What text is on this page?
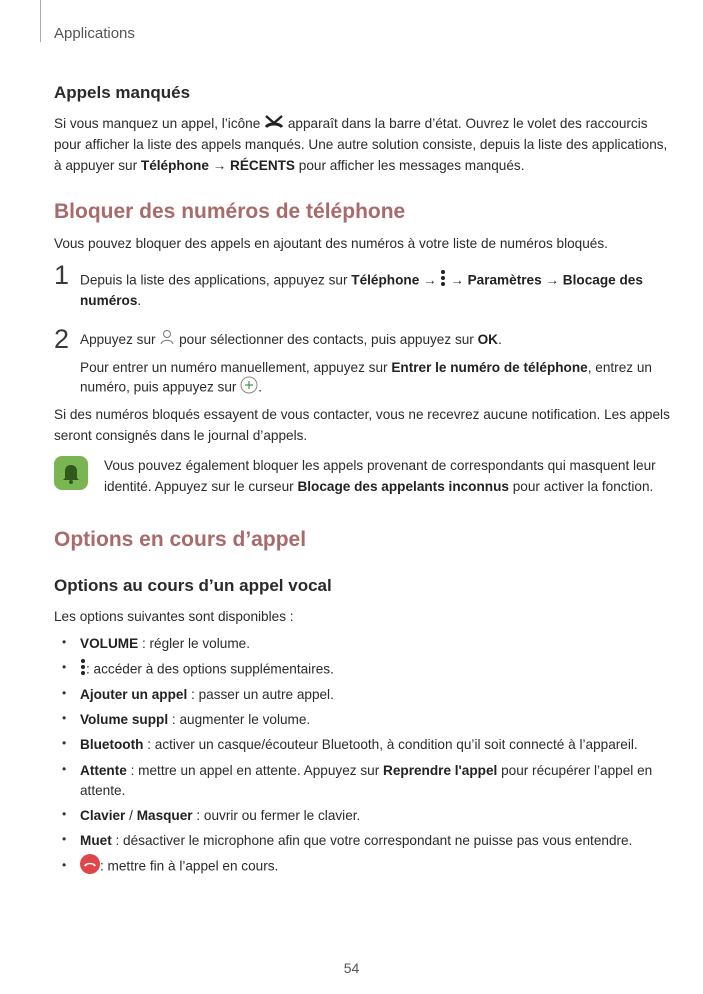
Applications
Appels manqués
Si vous manquez un appel, l’icône apparaît dans la barre d’état. Ouvrez le volet des raccourcis
pour afficher la liste des appels manqués. Une autre solution consiste, depuis la liste des applications,
à appuyer sur Téléphone → RÉCENTS pour afficher les messages manqués.
Bloquer des numéros de téléphone
Vous pouvez bloquer des appels en ajoutant des numéros à votre liste de numéros bloqués.
1 Depuis la liste des applications, appuyez sur Téléphone → → Paramètres → Blocage des
numéros.
2 Appuyez sur pour sélectionner des contacts, puis appuyez sur OK.
Pour entrer un numéro manuellement, appuyez sur Entrer le numéro de téléphone, entrez un
numéro, puis appuyez sur .
Si des numéros bloqués essayent de vous contacter, vous ne recevrez aucune notification. Les appels
seront consignés dans le journal d’appels.
Vous pouvez également bloquer les appels provenant de correspondants qui masquent leur
identité. Appuyez sur le curseur Blocage des appelants inconnus pour activer la fonction.
Options en cours d’appel
Options au cours d’un appel vocal
Les options suivantes sont disponibles :
• VOLUME : régler le volume.
•	: accéder à des options supplémentaires.
• Ajouter un appel : passer un autre appel.
• Volume suppl : augmenter le volume.
• Bluetooth : activer un casque/écouteur Bluetooth, à condition qu’il soit connecté à l’appareil.
• Attente : mettre un appel en attente. Appuyez sur Reprendre l'appel pour récupérer l’appel en
attente.
• Clavier / Masquer : ouvrir ou fermer le clavier.
• Muet : désactiver le microphone afin que votre correspondant ne puisse pas vous entendre.
•	: mettre fin à l’appel en cours.
54
